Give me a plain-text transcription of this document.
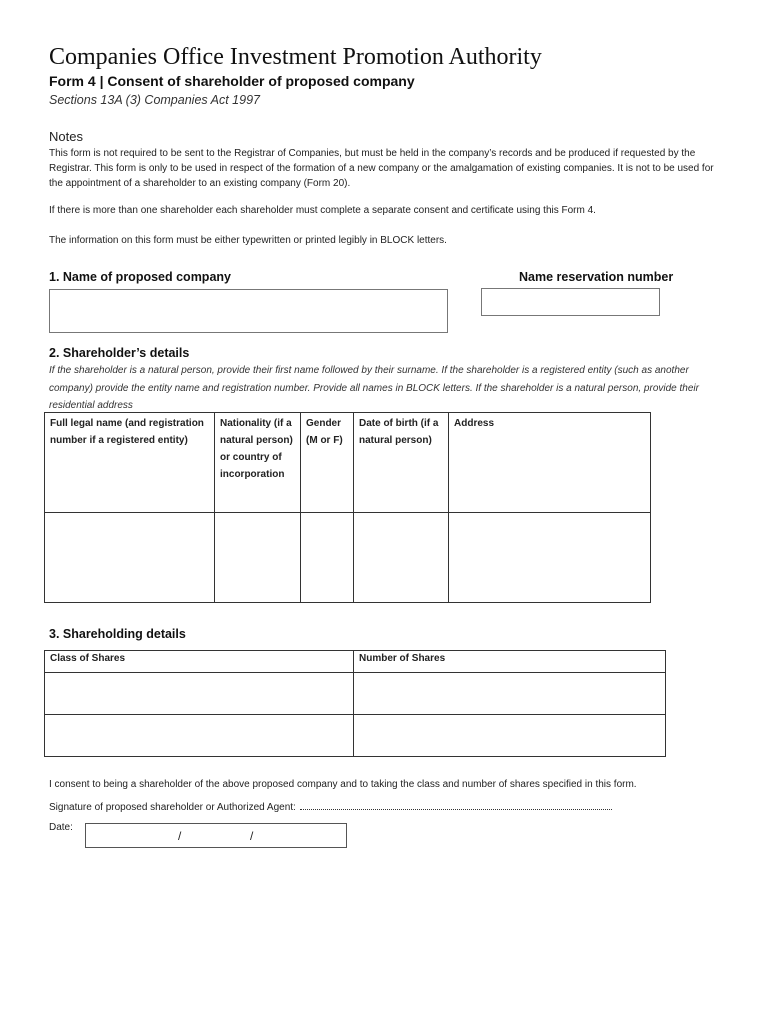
Companies Office Investment Promotion Authority
Form 4 | Consent of shareholder of proposed company
Sections 13A (3) Companies Act 1997
Notes
This form is not required to be sent to the Registrar of Companies, but must be held in the company’s records and be produced if requested by the Registrar. This form is only to be used in respect of the formation of a new company or the amalgamation of existing companies. It is not to be used for the appointment of a shareholder to an existing company (Form 20).
If there is more than one shareholder each shareholder must complete a separate consent and certificate using this Form 4.
The information on this form must be either typewritten or printed legibly in BLOCK letters.
1. Name of proposed company	Name reservation number
2. Shareholder’s details
If the shareholder is a natural person, provide their first name followed by their surname. If the shareholder is a registered entity (such as another company) provide the entity name and registration number. Provide all names in BLOCK letters. If the shareholder is a natural person, provide their residential address
Full legal name (and registration number if a registered entity)	Nationality (if a natural person) or country of incorporation	Gender (M or F)	Date of birth (if a natural person)	Address

3. Shareholding details
Class of Shares	Number of Shares

I consent to being a shareholder of the above proposed company and to taking the class and number of shares specified in this form.
Signature of proposed shareholder or Authorized Agent:
Date:
/	/
